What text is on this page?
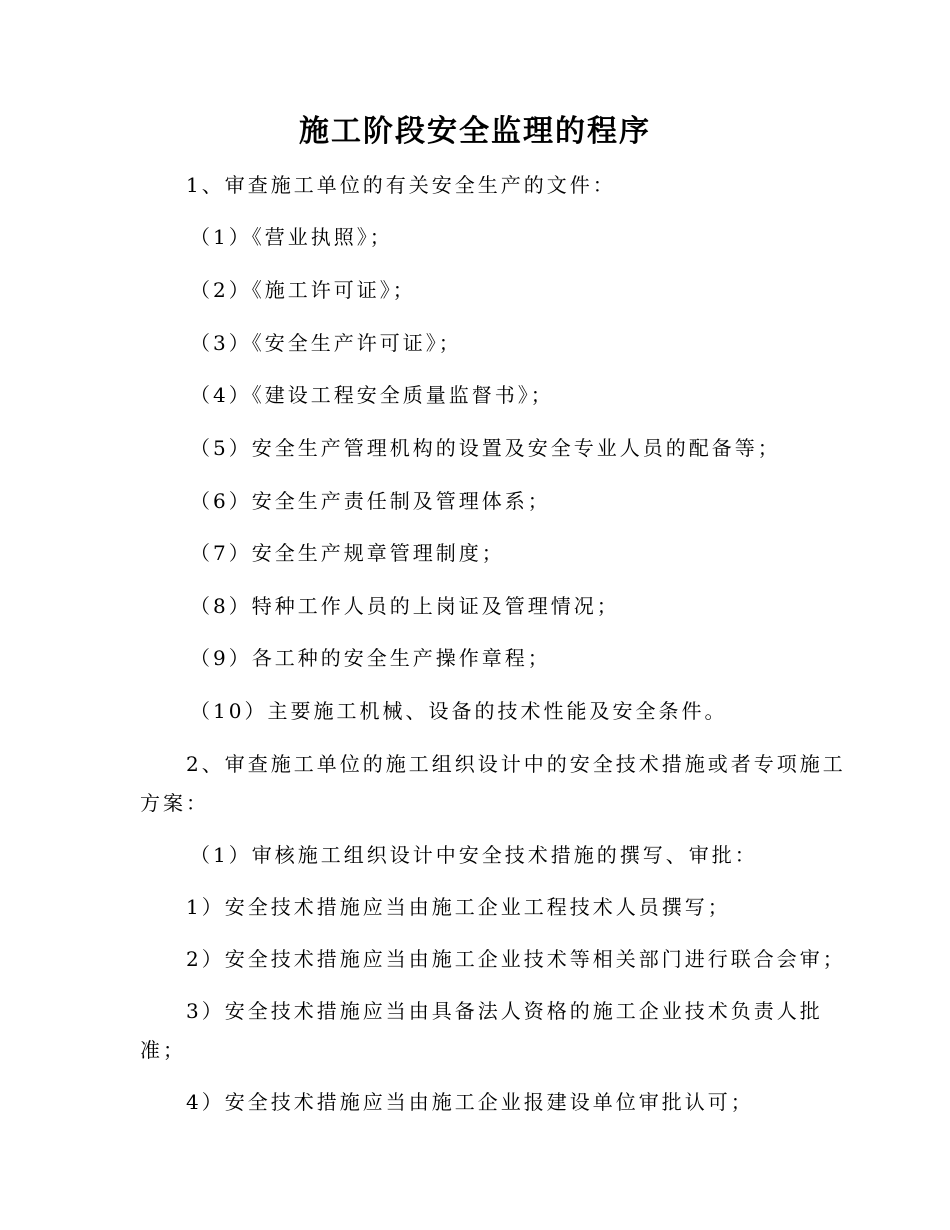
施工阶段安全监理的程序

1、审查施工单位的有关安全生产的文件：

（1）《营业执照》；

（2）《施工许可证》；

（3）《安全生产许可证》；

（4）《建设工程安全质量监督书》；

（5）安全生产管理机构的设置及安全专业人员的配备等；

（6）安全生产责任制及管理体系；

（7）安全生产规章管理制度；

（8）特种工作人员的上岗证及管理情况；

（9）各工种的安全生产操作章程；

（10）主要施工机械、设备的技术性能及安全条件。

2、审查施工单位的施工组织设计中的安全技术措施或者专项施工

方案：

（1）审核施工组织设计中安全技术措施的撰写、审批：

1）安全技术措施应当由施工企业工程技术人员撰写；

2）安全技术措施应当由施工企业技术等相关部门进行联合会审；

3）安全技术措施应当由具备法人资格的施工企业技术负责人批

准；

4）安全技术措施应当由施工企业报建设单位审批认可；
